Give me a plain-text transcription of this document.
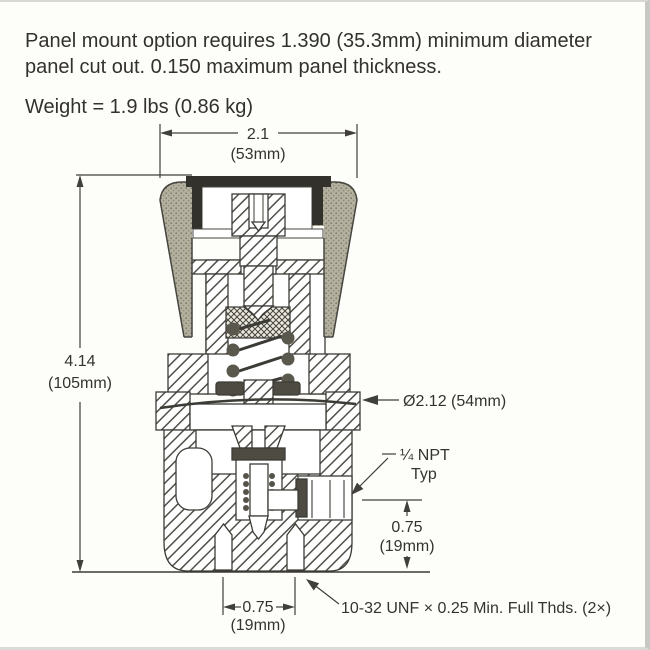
Panel mount option requires 1.390 (35.3mm) minimum diameter

panel cut out. 0.150 maximum panel thickness.

Weight = 1.9 lbs (0.86 kg)

2.1
(53mm)
4.14
(105mm)
Ø2.12 (54mm)
¼ NPT
Typ
0.75
(19mm)
0.75
(19mm)
10-32 UNF × 0.25 Min. Full Thds. (2×)
